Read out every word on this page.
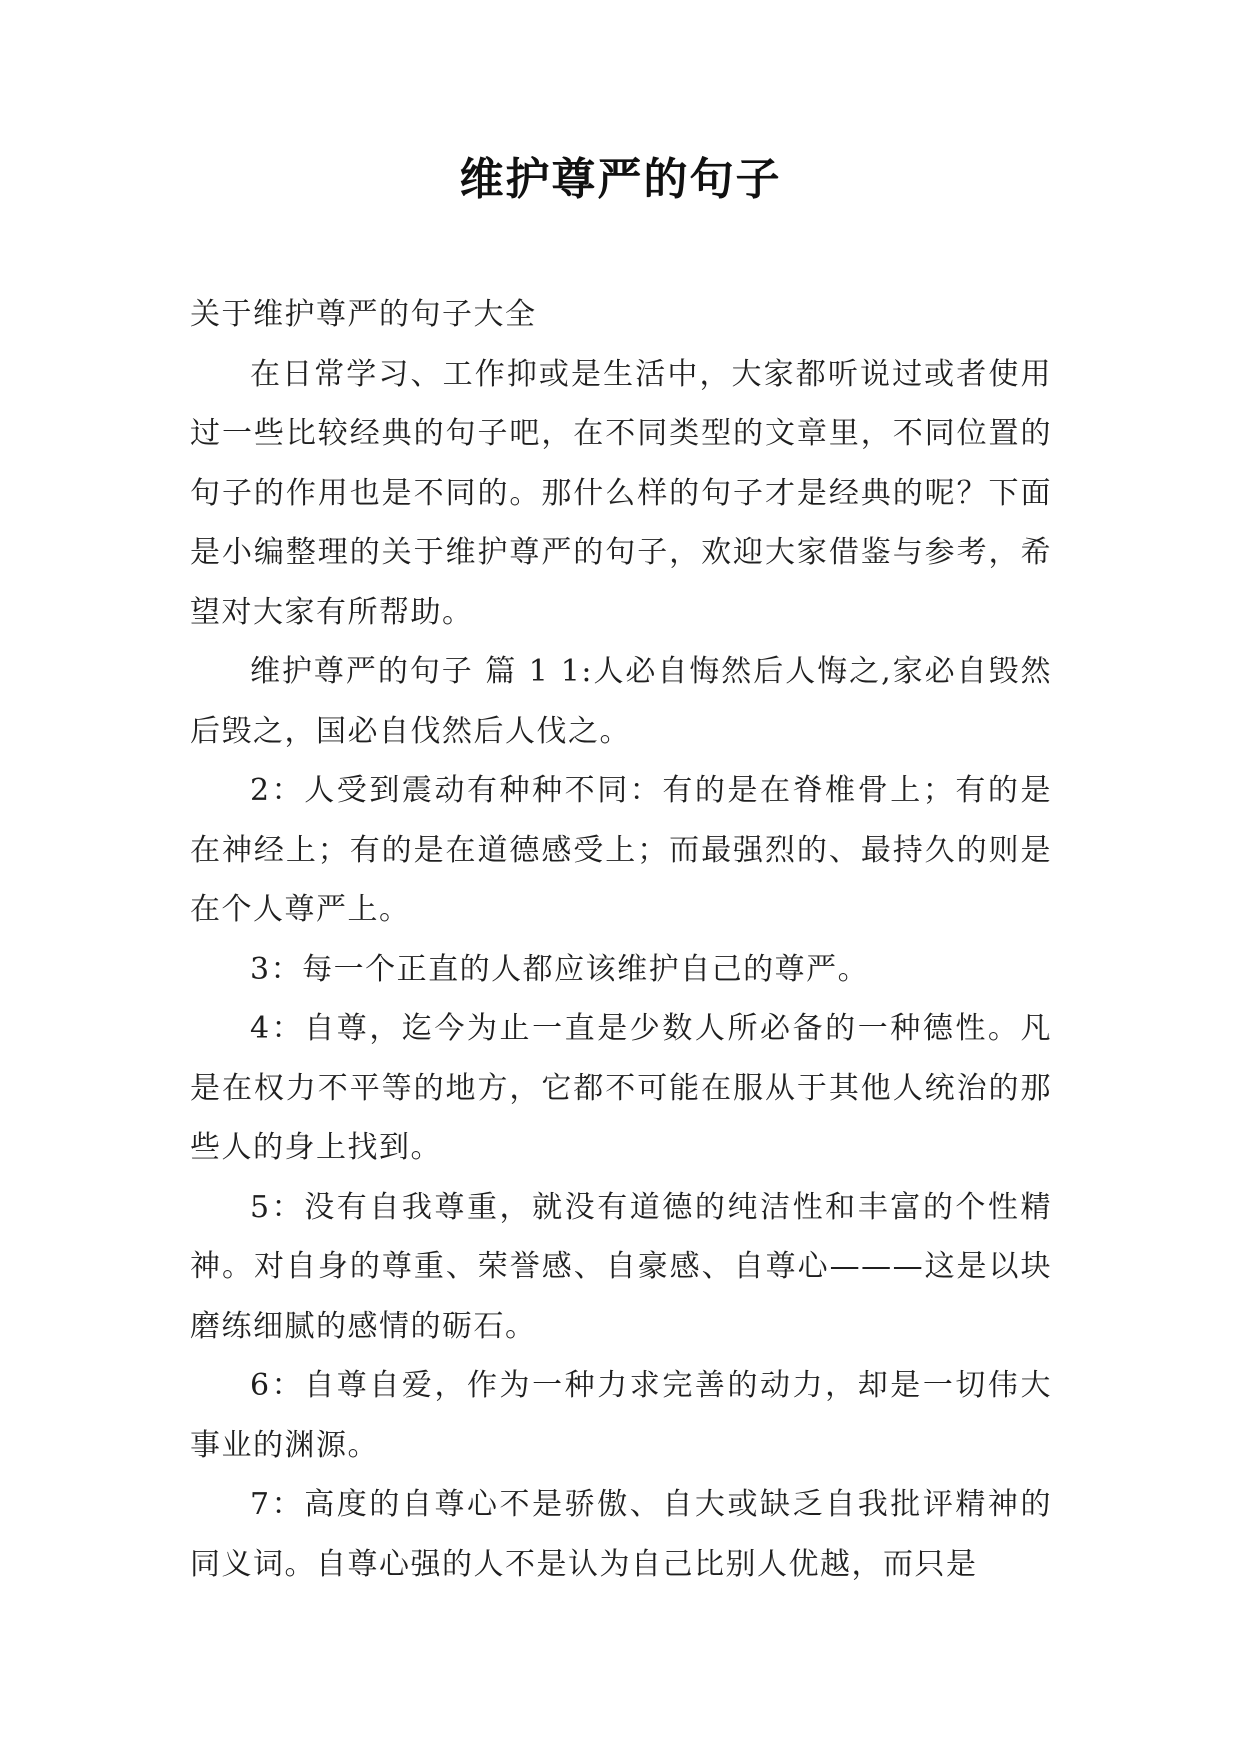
维护尊严的句子

关于维护尊严的句子大全

在日常学习、工作抑或是生活中，大家都听说过或者使用过一些比较经典的句子吧，在不同类型的文章里，不同位置的句子的作用也是不同的。那什么样的句子才是经典的呢？下面是小编整理的关于维护尊严的句子，欢迎大家借鉴与参考，希望对大家有所帮助。

维护尊严的句子 篇 1 1:人必自悔然后人悔之,家必自毁然后毁之，国必自伐然后人伐之。

2：人受到震动有种种不同：有的是在脊椎骨上；有的是在神经上；有的是在道德感受上；而最强烈的、最持久的则是在个人尊严上。

3：每一个正直的人都应该维护自己的尊严。

4：自尊，迄今为止一直是少数人所必备的一种德性。凡是在权力不平等的地方，它都不可能在服从于其他人统治的那些人的身上找到。

5：没有自我尊重，就没有道德的纯洁性和丰富的个性精神。对自身的尊重、荣誉感、自豪感、自尊心———这是以块磨练细腻的感情的砺石。

6：自尊自爱，作为一种力求完善的动力，却是一切伟大事业的渊源。

7：高度的自尊心不是骄傲、自大或缺乏自我批评精神的同义词。自尊心强的人不是认为自己比别人优越，而只是
